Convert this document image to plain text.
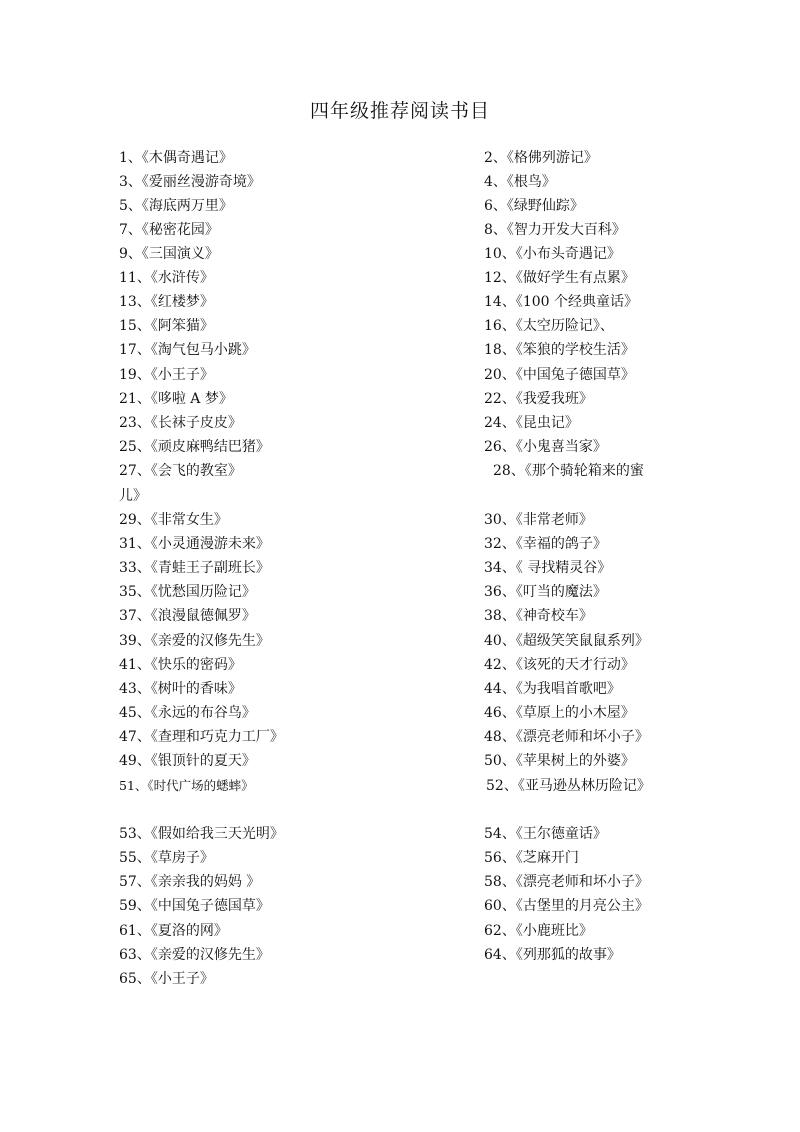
四年级推荐阅读书目
1、《木偶奇遇记》	2、《格佛列游记》
3、《爱丽丝漫游奇境》	4、《根鸟》
5、《海底两万里》	6、《绿野仙踪》
7、《秘密花园》	8、《智力开发大百科》
9、《三国演义》	10、《小布头奇遇记》
11、《水浒传》	12、《做好学生有点累》
13、《红楼梦》	14、《100 个经典童话》
15、《阿笨猫》	16、《太空历险记》、
17、《淘气包马小跳》	18、《笨狼的学校生活》
19、《小王子》	20、《中国兔子德国草》
21、《哆啦 A 梦》	22、《我爱我班》
23、《长袜子皮皮》	24、《昆虫记》
25、《顽皮麻鸭结巴猪》	26、《小鬼喜当家》
27、《会飞的教室》	28、《那个骑轮箱来的蜜
儿》
29、《非常女生》	30、《非常老师》
31、《小灵通漫游未来》	32、《幸福的鸽子》
33、《青蛙王子副班长》	34、《 寻找精灵谷》
35、《忧愁国历险记》	36、《叮当的魔法》
37、《浪漫鼠德佩罗》	38、《神奇校车》
39、《亲爱的汉修先生》	40、《超级笑笑鼠鼠系列》
41、《快乐的密码》	42、《该死的天才行动》
43、《树叶的香味》	44、《为我唱首歌吧》
45、《永远的布谷鸟》	46、《草原上的小木屋》
47、《查理和巧克力工厂》	48、《漂亮老师和坏小子》
49、《银顶针的夏天》	50、《苹果树上的外婆》
51、《时代广场的蟋蟀》	52、《亚马逊丛林历险记》
53、《假如给我三天光明》	54、《王尔德童话》
55、《草房子》	56、《芝麻开门
57、《亲亲我的妈妈 》	58、《漂亮老师和坏小子》
59、《中国兔子德国草》	60、《古堡里的月亮公主》
61、《夏洛的网》	62、《小鹿班比》
63、《亲爱的汉修先生》	64、《列那狐的故事》
65、《小王子》
